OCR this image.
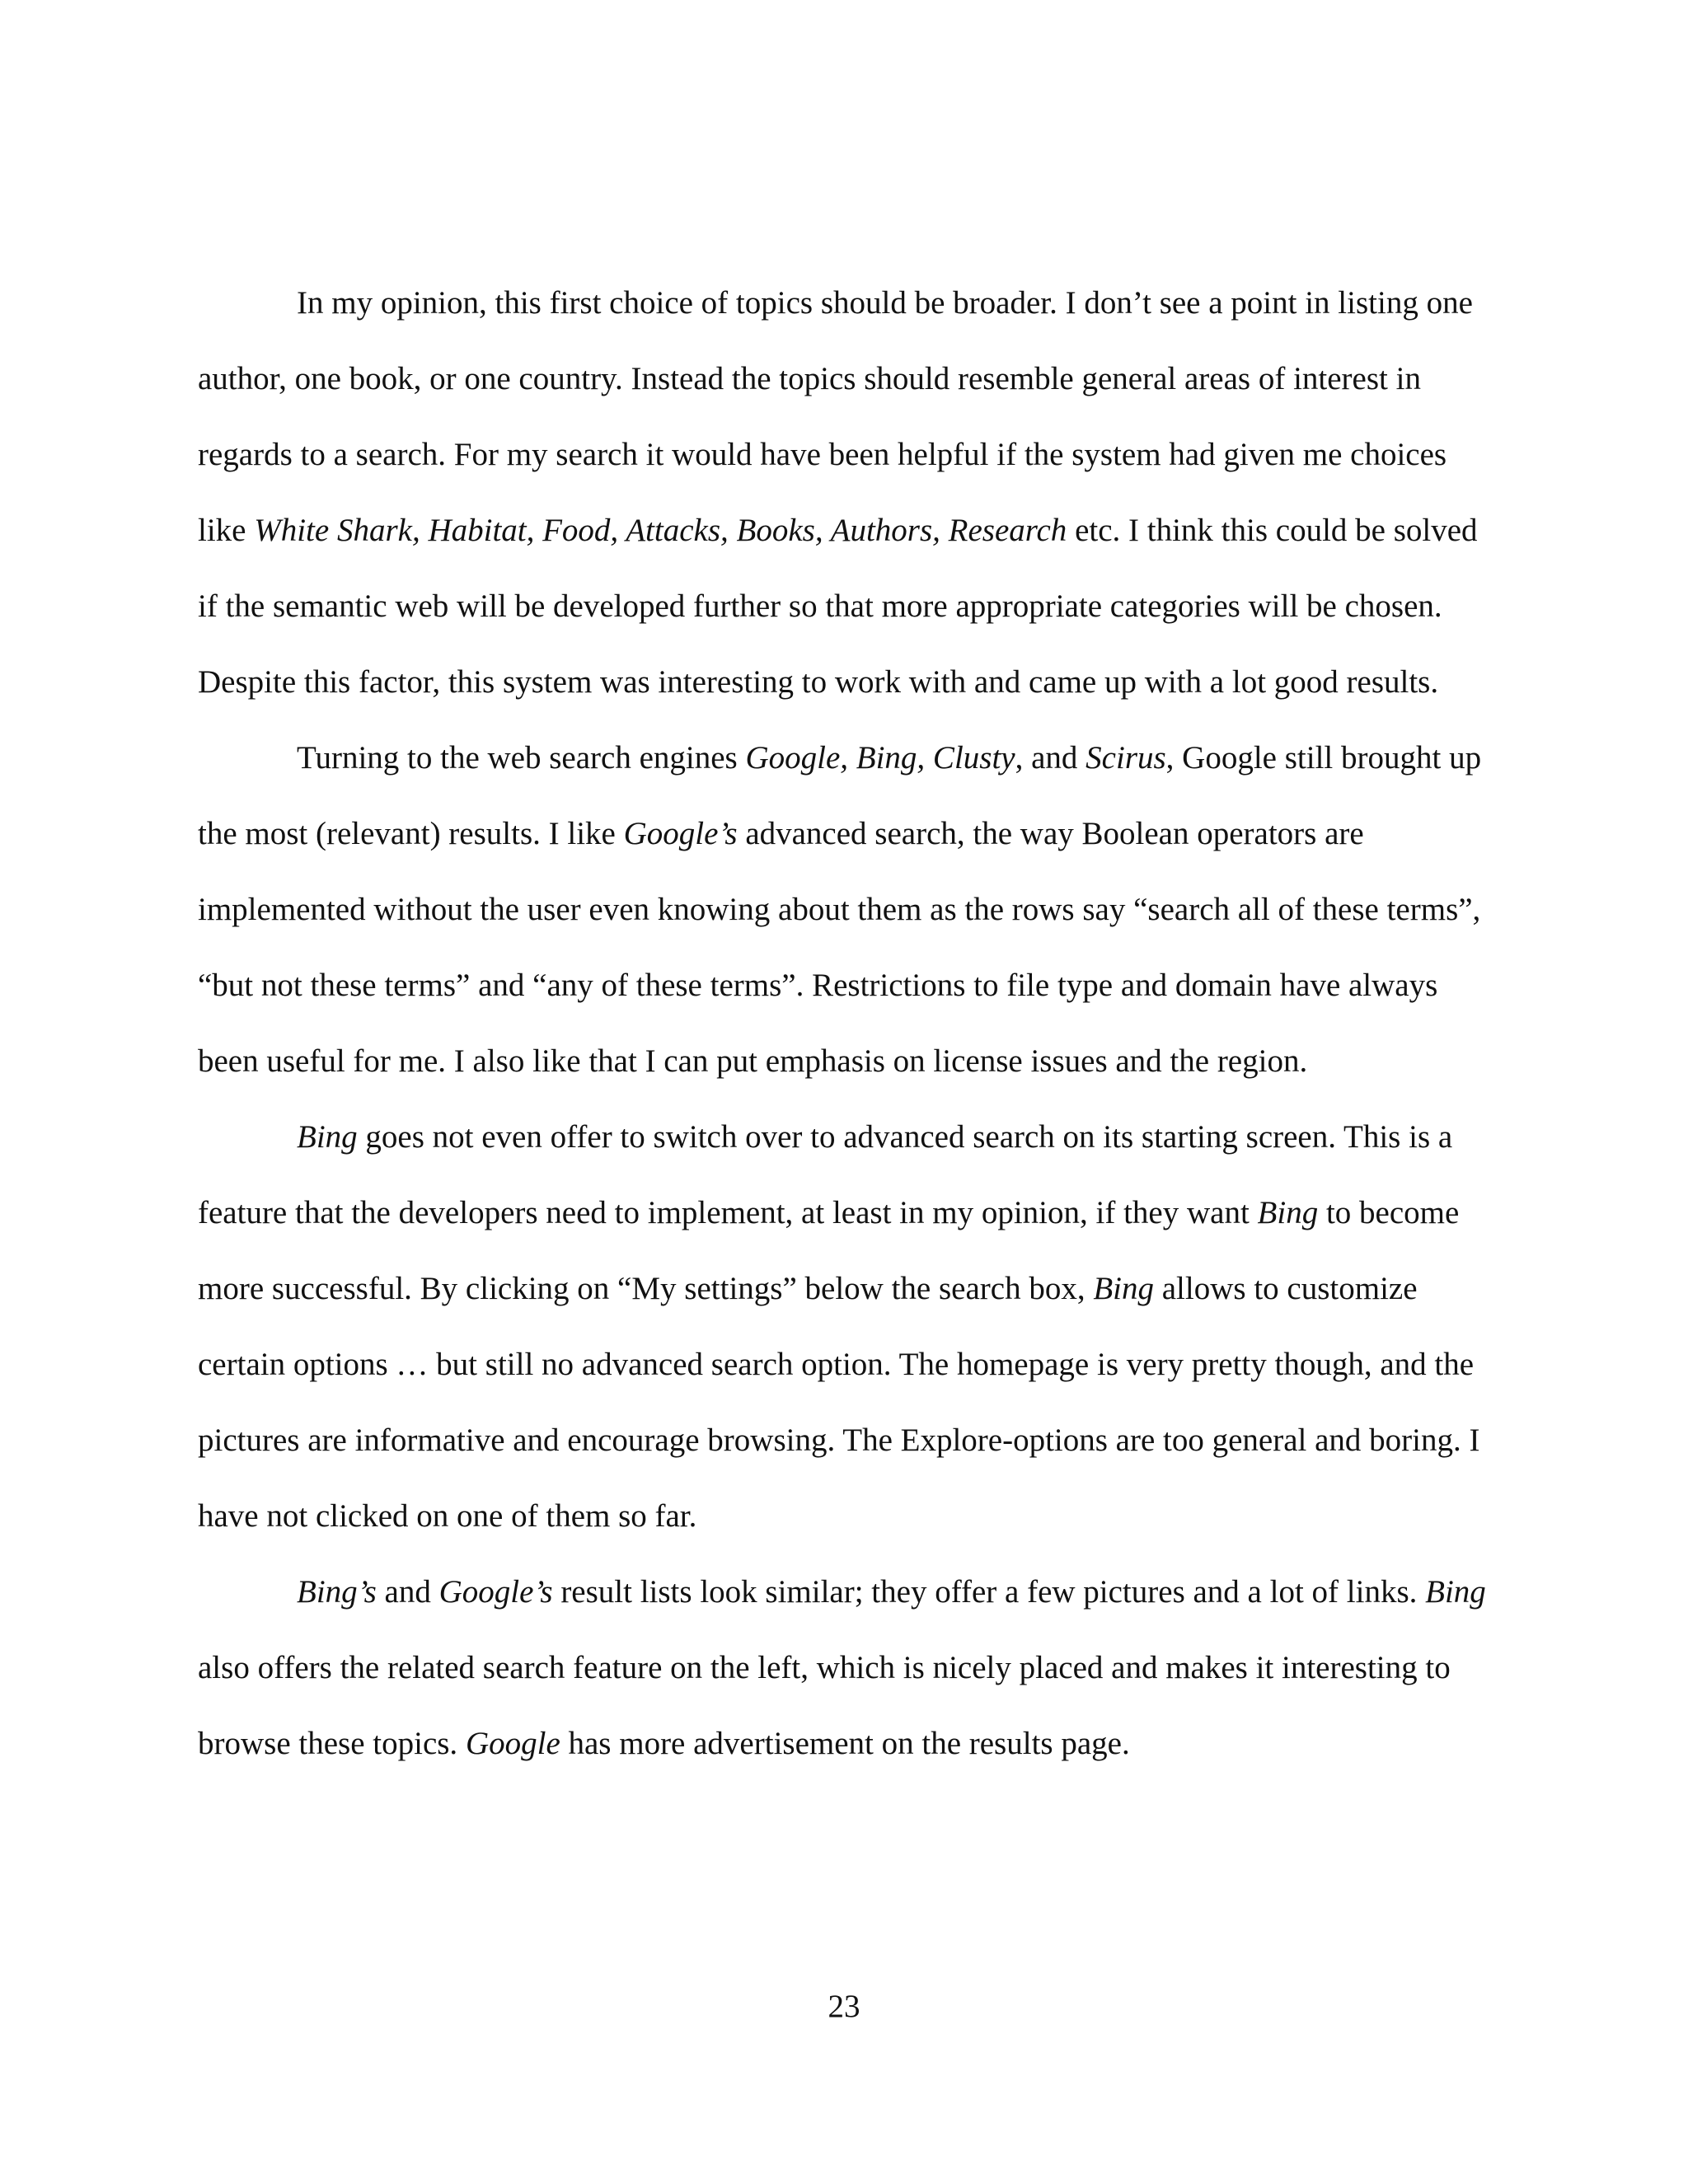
In my opinion, this first choice of topics should be broader. I don’t see a point in listing one author, one book, or one country. Instead the topics should resemble general areas of interest in regards to a search. For my search it would have been helpful if the system had given me choices like White Shark, Habitat, Food, Attacks, Books, Authors, Research etc. I think this could be solved if the semantic web will be developed further so that more appropriate categories will be chosen. Despite this factor, this system was interesting to work with and came up with a lot good results.

Turning to the web search engines Google, Bing, Clusty, and Scirus, Google still brought up the most (relevant) results. I like Google’s advanced search, the way Boolean operators are implemented without the user even knowing about them as the rows say “search all of these terms”, “but not these terms” and “any of these terms”. Restrictions to file type and domain have always been useful for me. I also like that I can put emphasis on license issues and the region.

Bing goes not even offer to switch over to advanced search on its starting screen. This is a feature that the developers need to implement, at least in my opinion, if they want Bing to become more successful. By clicking on “My settings” below the search box, Bing allows to customize certain options … but still no advanced search option. The homepage is very pretty though, and the pictures are informative and encourage browsing. The Explore-options are too general and boring. I have not clicked on one of them so far.

Bing’s and Google’s result lists look similar; they offer a few pictures and a lot of links. Bing also offers the related search feature on the left, which is nicely placed and makes it interesting to browse these topics. Google has more advertisement on the results page.

23
